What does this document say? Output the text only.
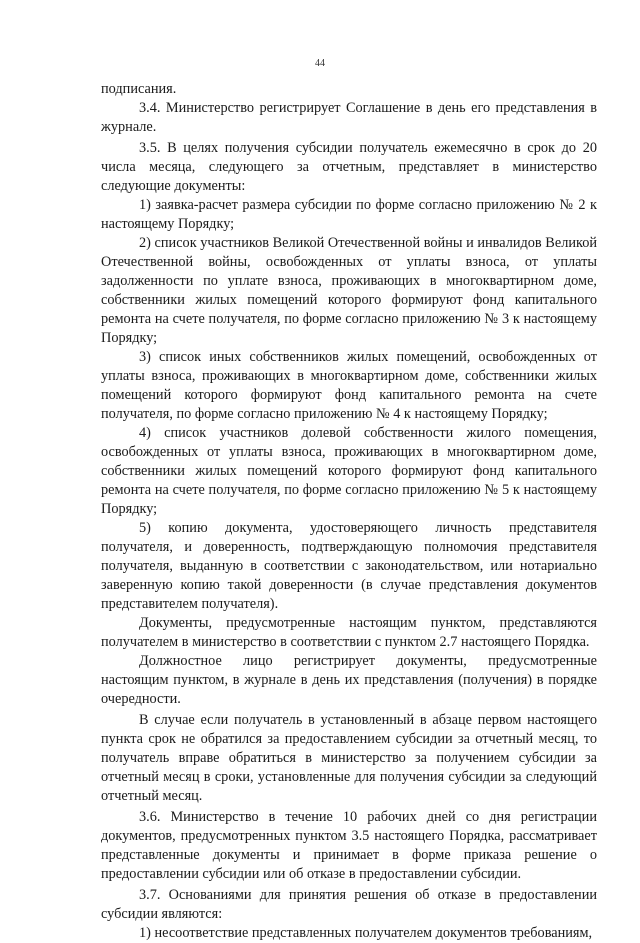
44

подписания.

3.4. Министерство регистрирует Соглашение в день его представления в журнале.

3.5. В целях получения субсидии получатель ежемесячно в срок до 20 числа месяца, следующего за отчетным, представляет в министерство следующие документы:

1) заявка-расчет размера субсидии по форме согласно приложению № 2 к настоящему Порядку;

2) список участников Великой Отечественной войны и инвалидов Великой Отечественной войны, освобожденных от уплаты взноса, от уплаты задолженности по уплате взноса, проживающих в многоквартирном доме, собственники жилых помещений которого формируют фонд капитального ремонта на счете получателя, по форме согласно приложению № 3 к настоящему Порядку;

3) список иных собственников жилых помещений, освобожденных от уплаты взноса, проживающих в многоквартирном доме, собственники жилых помещений которого формируют фонд капитального ремонта на счете получателя, по форме согласно приложению № 4 к настоящему Порядку;

4) список участников долевой собственности жилого помещения, освобожденных от уплаты взноса, проживающих в многоквартирном доме, собственники жилых помещений которого формируют фонд капитального ремонта на счете получателя, по форме согласно приложению № 5 к настоящему Порядку;

5) копию документа, удостоверяющего личность представителя получателя, и доверенность, подтверждающую полномочия представителя получателя, выданную в соответствии с законодательством, или нотариально заверенную копию такой доверенности (в случае представления документов представителем получателя).

Документы, предусмотренные настоящим пунктом, представляются получателем в министерство в соответствии с пунктом 2.7 настоящего Порядка.

Должностное лицо регистрирует документы, предусмотренные настоящим пунктом, в журнале в день их представления (получения) в порядке очередности.

В случае если получатель в установленный в абзаце первом настоящего пункта срок не обратился за предоставлением субсидии за отчетный месяц, то получатель вправе обратиться в министерство за получением субсидии за отчетный месяц в сроки, установленные для получения субсидии за следующий отчетный месяц.

3.6. Министерство в течение 10 рабочих дней со дня регистрации документов, предусмотренных пунктом 3.5 настоящего Порядка, рассматривает представленные документы и принимает в форме приказа решение о предоставлении субсидии или об отказе в предоставлении субсидии.

3.7. Основаниями для принятия решения об отказе в предоставлении субсидии являются:

1) несоответствие представленных получателем документов требованиям,
